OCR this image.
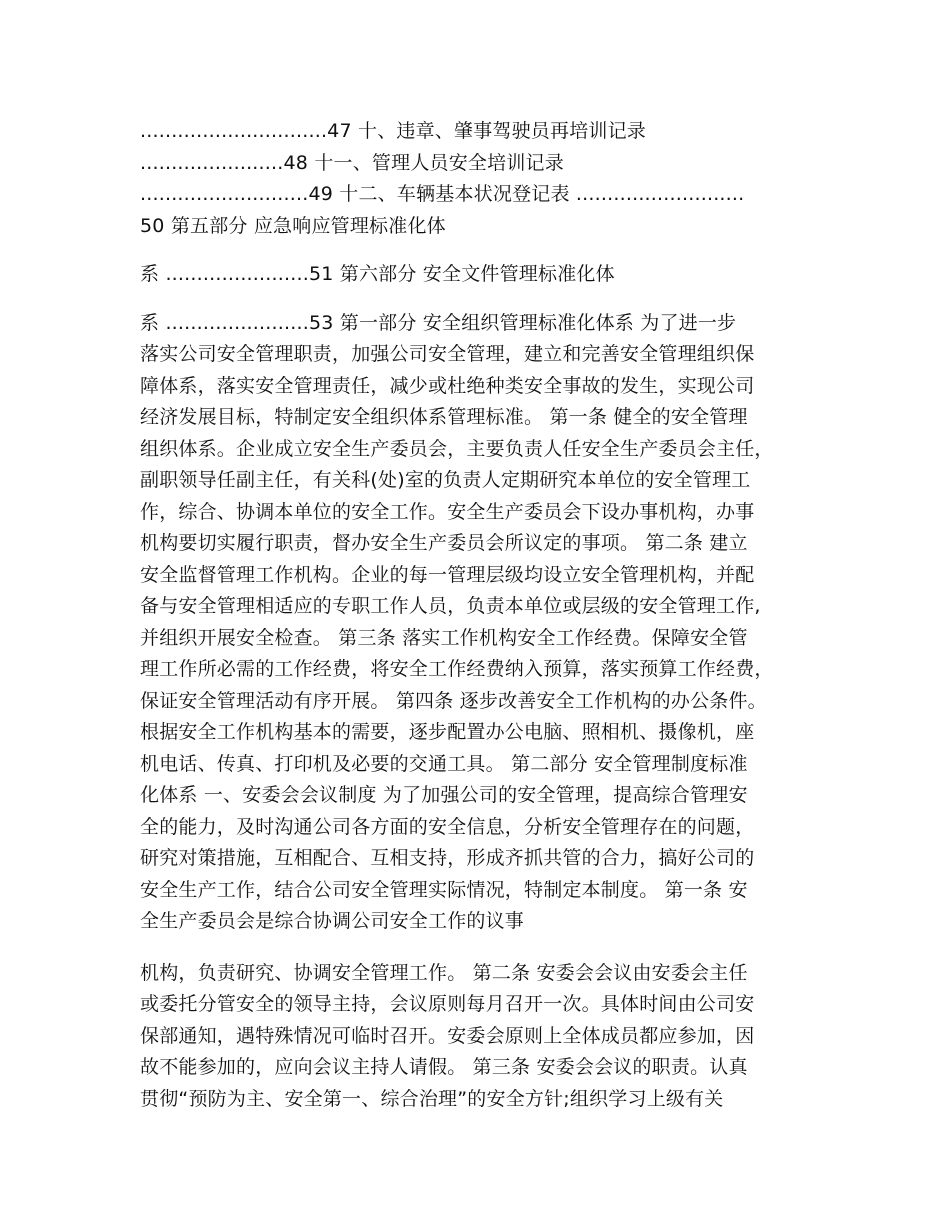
..............................47 十、违章、肇事驾驶员再培训记录
.......................48 十一、管理人员安全培训记录
...........................49 十二、车辆基本状况登记表 ...........................
50 第五部分 应急响应管理标准化体
系 .......................51 第六部分 安全文件管理标准化体
系 .......................53 第一部分 安全组织管理标准化体系 为了进一步
落实公司安全管理职责，加强公司安全管理，建立和完善安全管理组织保
障体系，落实安全管理责任，减少或杜绝种类安全事故的发生，实现公司
经济发展目标，特制定安全组织体系管理标准。 第一条 健全的安全管理
组织体系。企业成立安全生产委员会，主要负责人任安全生产委员会主任，
副职领导任副主任，有关科(处)室的负责人定期研究本单位的安全管理工
作，综合、协调本单位的安全工作。安全生产委员会下设办事机构，办事
机构要切实履行职责，督办安全生产委员会所议定的事项。 第二条 建立
安全监督管理工作机构。企业的每一管理层级均设立安全管理机构，并配
备与安全管理相适应的专职工作人员，负责本单位或层级的安全管理工作,
并组织开展安全检查。 第三条 落实工作机构安全工作经费。保障安全管
理工作所必需的工作经费，将安全工作经费纳入预算，落实预算工作经费，
保证安全管理活动有序开展。 第四条 逐步改善安全工作机构的办公条件。
根据安全工作机构基本的需要，逐步配置办公电脑、照相机、摄像机，座
机电话、传真、打印机及必要的交通工具。 第二部分 安全管理制度标准
化体系 一、安委会会议制度 为了加强公司的安全管理，提高综合管理安
全的能力，及时沟通公司各方面的安全信息，分析安全管理存在的问题，
研究对策措施，互相配合、互相支持，形成齐抓共管的合力，搞好公司的
安全生产工作，结合公司安全管理实际情况，特制定本制度。 第一条 安
全生产委员会是综合协调公司安全工作的议事
机构，负责研究、协调安全管理工作。 第二条 安委会会议由安委会主任
或委托分管安全的领导主持，会议原则每月召开一次。具体时间由公司安
保部通知，遇特殊情况可临时召开。安委会原则上全体成员都应参加，因
故不能参加的，应向会议主持人请假。 第三条 安委会会议的职责。认真
贯彻“预防为主、安全第一、综合治理”的安全方针;组织学习上级有关
